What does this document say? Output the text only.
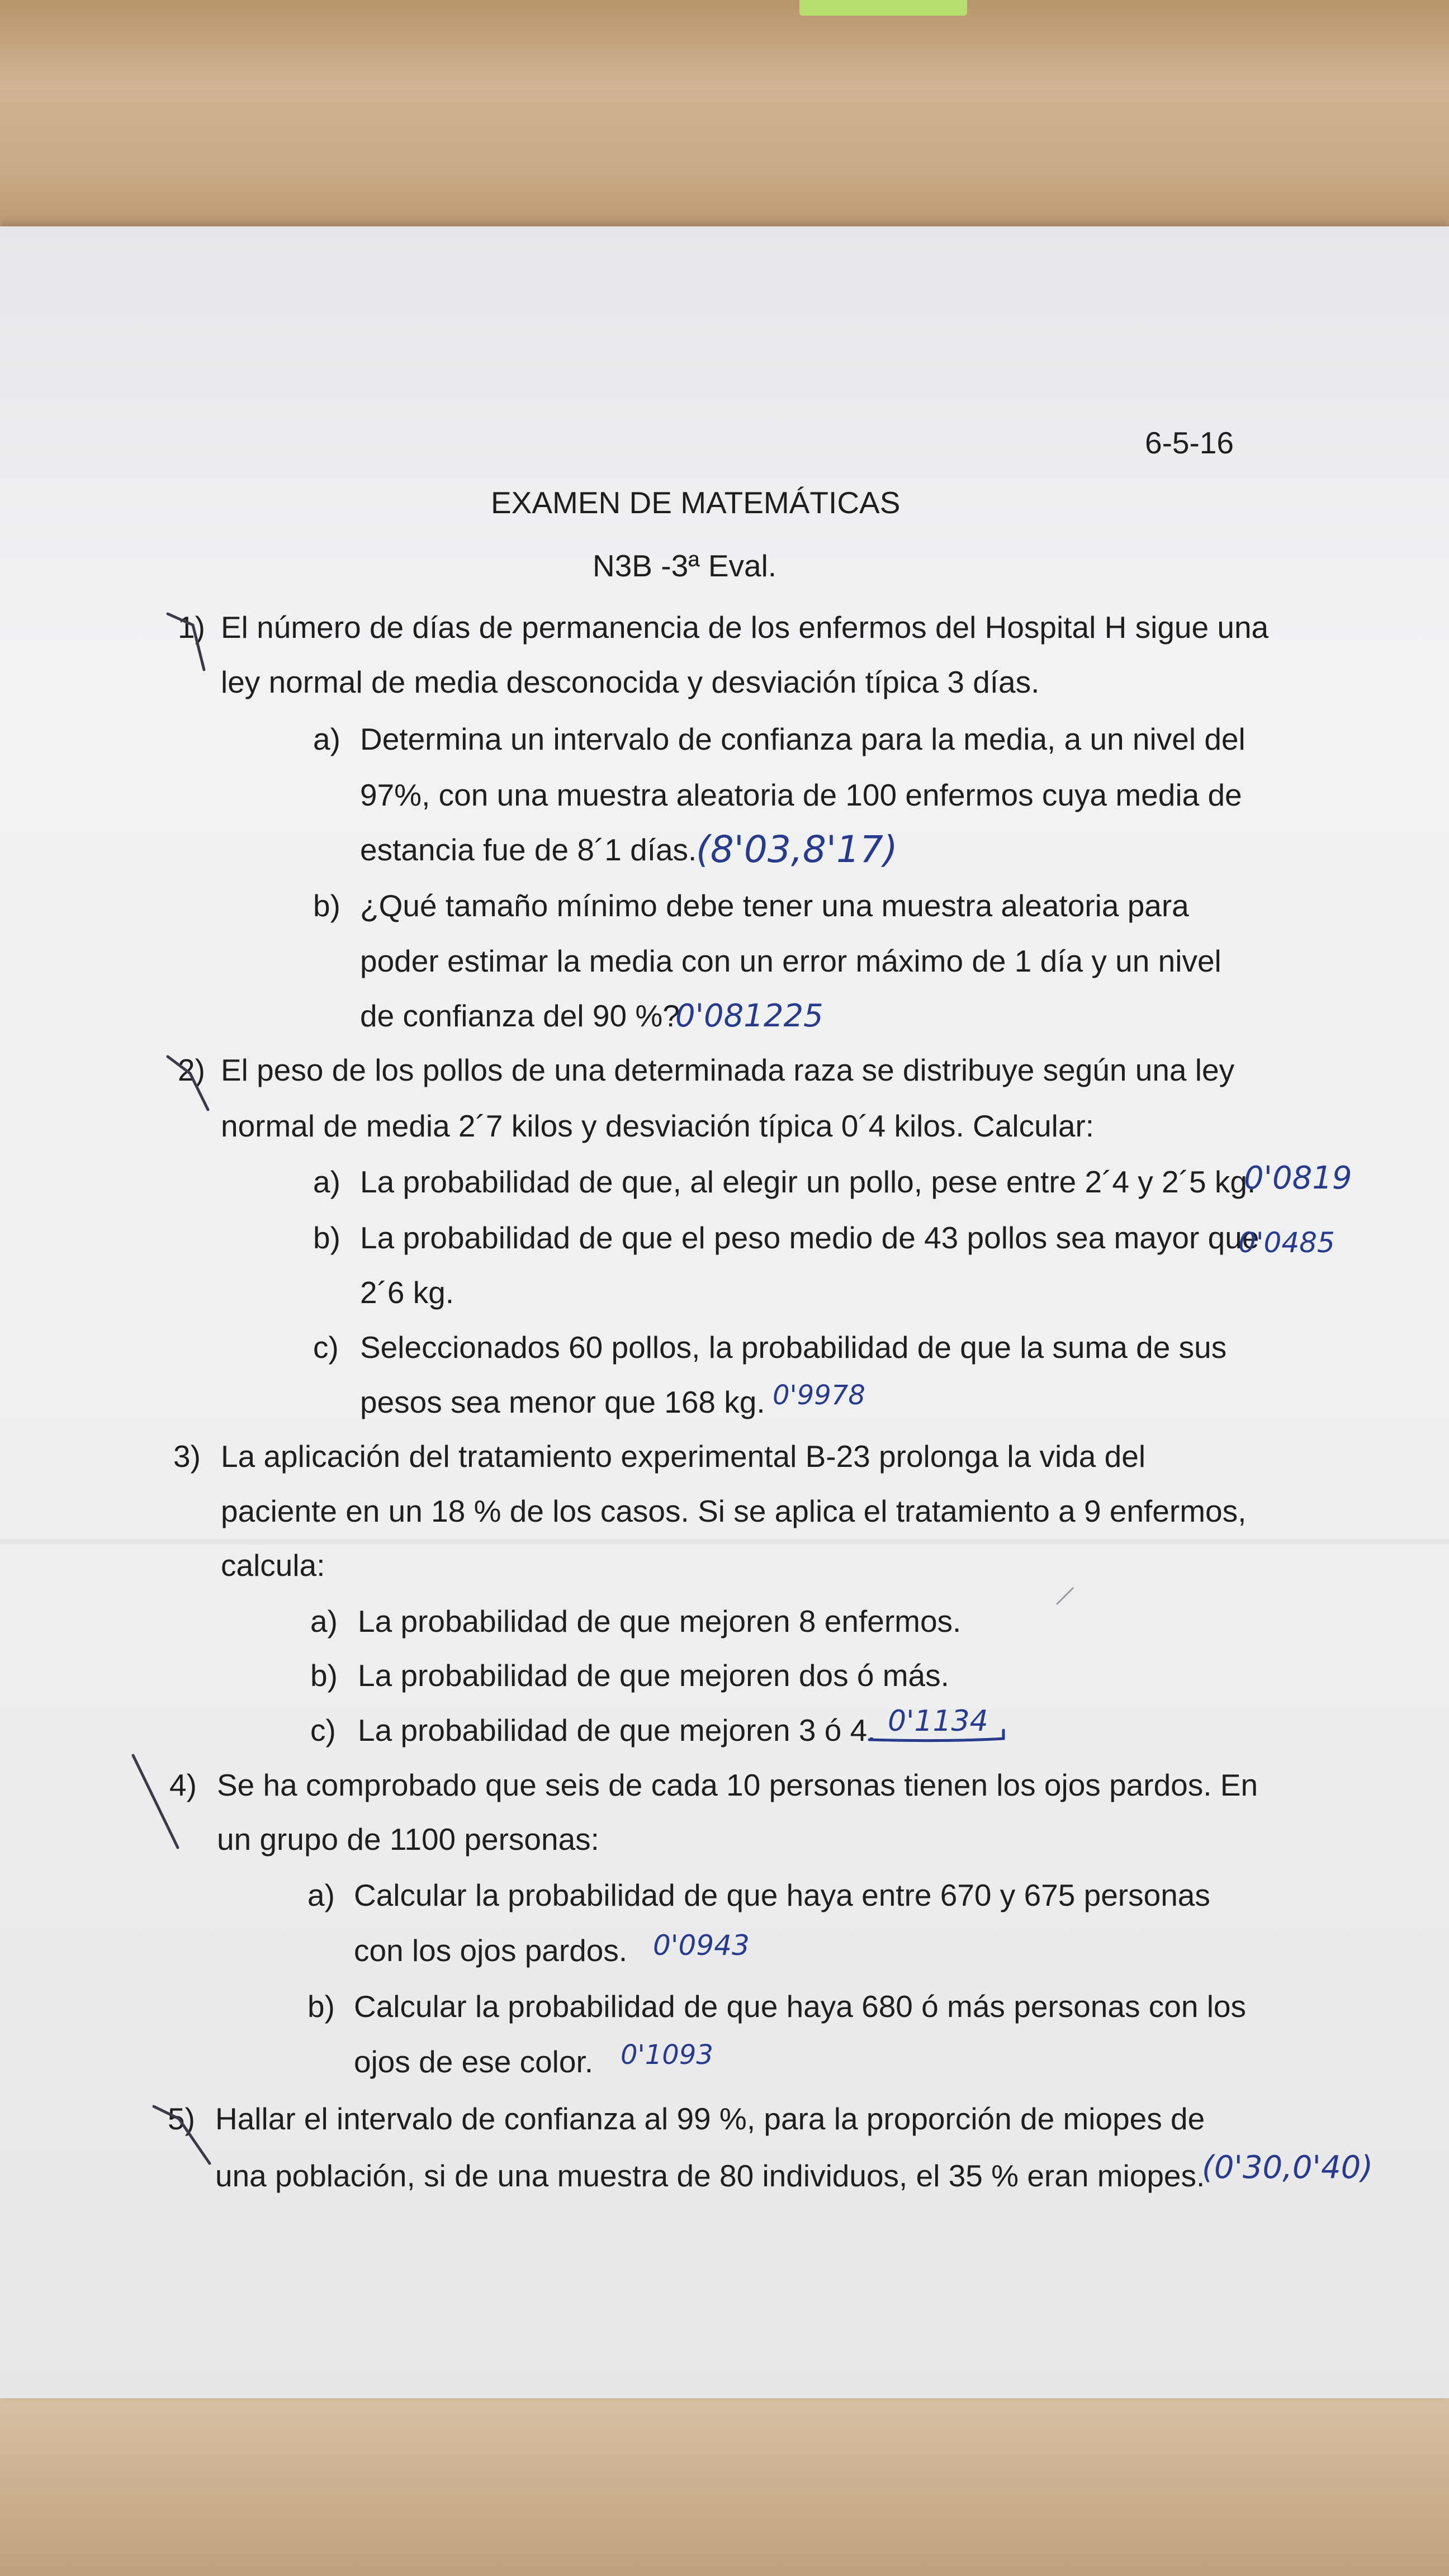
6-5-16
EXAMEN DE MATEMÁTICAS
N3B -3ª Eval.
1) El número de días de permanencia de los enfermos del Hospital H sigue una
ley normal de media desconocida y desviación típica 3 días.
a) Determina un intervalo de confianza para la media, a un nivel del
97%, con una muestra aleatoria de 100 enfermos cuya media de
estancia fue de 8´1 días.
(8'03,8'17)
b) ¿Qué tamaño mínimo debe tener una muestra aleatoria para
poder estimar la media con un error máximo de 1 día y un nivel
de confianza del 90 %?
0'081225
2) El peso de los pollos de una determinada raza se distribuye según una ley
normal de media 2´7 kilos y desviación típica 0´4 kilos. Calcular:
a) La probabilidad de que, al elegir un pollo, pese entre 2´4 y 2´5 kg.
0'0819
b) La probabilidad de que el peso medio de 43 pollos sea mayor que
2´6 kg.
0'0485
c) Seleccionados 60 pollos, la probabilidad de que la suma de sus
pesos sea menor que 168 kg. 0'9978
3) La aplicación del tratamiento experimental B-23 prolonga la vida del
paciente en un 18 % de los casos. Si se aplica el tratamiento a 9 enfermos,
calcula:
a) La probabilidad de que mejoren 8 enfermos.
b) La probabilidad de que mejoren dos ó más.
c) La probabilidad de que mejoren 3 ó 4. 0'1134
4) Se ha comprobado que seis de cada 10 personas tienen los ojos pardos. En
un grupo de 1100 personas:
a) Calcular la probabilidad de que haya entre 670 y 675 personas
con los ojos pardos. 0'0943
b) Calcular la probabilidad de que haya 680 ó más personas con los
ojos de ese color. 0'1093
5) Hallar el intervalo de confianza al 99 %, para la proporción de miopes de
una población, si de una muestra de 80 individuos, el 35 % eran miopes.
(0'30,0'40)
